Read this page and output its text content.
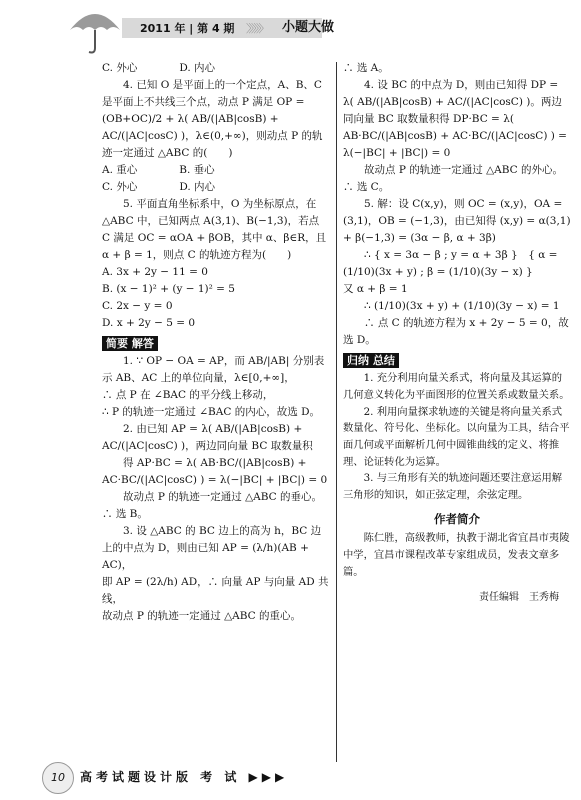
2011 年 | 第 4 期 〉〉〉〉〉〉 小题大做

C. 外心　　　　D. 内心

4. 已知 O 是平面上的一个定点，A、B、C 是平面上不共线三个点，动点 P 满足 OP = (OB+OC)/2 + λ( AB/(|AB|cosB) + AC/(|AC|cosC) )，λ∈(0,+∞)，则动点 P 的轨迹一定通过 △ABC 的(　　)

A. 重心　　　　B. 垂心

C. 外心　　　　D. 内心

5. 平面直角坐标系中，O 为坐标原点，在 △ABC 中，已知两点 A(3,1)、B(−1,3)，若点 C 满足 OC = αOA + βOB，其中 α、β∈R，且 α + β = 1，则点 C 的轨迹方程为(　　)

A. 3x + 2y − 11 = 0

B. (x − 1)² + (y − 1)² = 5

C. 2x − y = 0

D. x + 2y − 5 = 0

简要 解答

1. ∵ OP − OA = AP，而 AB/|AB| 分别表示 AB、AC 上的单位向量，λ∈[0,+∞]，

∴ 点 P 在 ∠BAC 的平分线上移动，

∴ P 的轨迹一定通过 ∠BAC 的内心，故选 D。

2. 由已知 AP = λ( AB/(|AB|cosB) + AC/(|AC|cosC) )，两边同向量 BC 取数量积

得 AP·BC = λ( AB·BC/(|AB|cosB) + AC·BC/(|AC|cosC) ) = λ(−|BC| + |BC|) = 0

故动点 P 的轨迹一定通过 △ABC 的垂心。∴ 选 B。

3. 设 △ABC 的 BC 边上的高为 h，BC 边上的中点为 D，则由已知 AP = (λ/h)(AB + AC)，

即 AP = (2λ/h) AD，∴ 向量 AP 与向量 AD 共线，

故动点 P 的轨迹一定通过 △ABC 的重心。

∴ 选 A。

4. 设 BC 的中点为 D，则由已知得 DP = λ( AB/(|AB|cosB) + AC/(|AC|cosC) )。两边同向量 BC 取数量积得 DP·BC = λ( AB·BC/(|AB|cosB) + AC·BC/(|AC|cosC) ) = λ(−|BC| + |BC|) = 0

故动点 P 的轨迹一定通过 △ABC 的外心。∴ 选 C。

5. 解：设 C(x,y)，则 OC = (x,y)，OA = (3,1)，OB = (−1,3)，由已知得 (x,y) = α(3,1) + β(−1,3) = (3α − β, α + 3β)

∴ { x = 3α − β ; y = α + 3β }　{ α = (1/10)(3x + y) ; β = (1/10)(3y − x) }

又 α + β = 1

∴ (1/10)(3x + y) + (1/10)(3y − x) = 1

∴ 点 C 的轨迹方程为 x + 2y − 5 = 0，故选 D。

归纳 总结

1. 充分利用向量关系式，将向量及其运算的几何意义转化为平面图形的位置关系或数量关系。

2. 利用向量探求轨迹的关键是将向量关系式数量化、符号化、坐标化。以向量为工具，结合平面几何或平面解析几何中圆锥曲线的定义、将推理、论证转化为运算。

3. 与三角形有关的轨迹问题还要注意运用解三角形的知识，如正弦定理，余弦定理。

作者简介

陈仁胜，高级教师，执教于湖北省宜昌市夷陵中学，宜昌市课程改革专家组成员，发表文章多篇。

责任编辑　王秀梅

10	高考试题设计版 考 试 ▶▶▶
